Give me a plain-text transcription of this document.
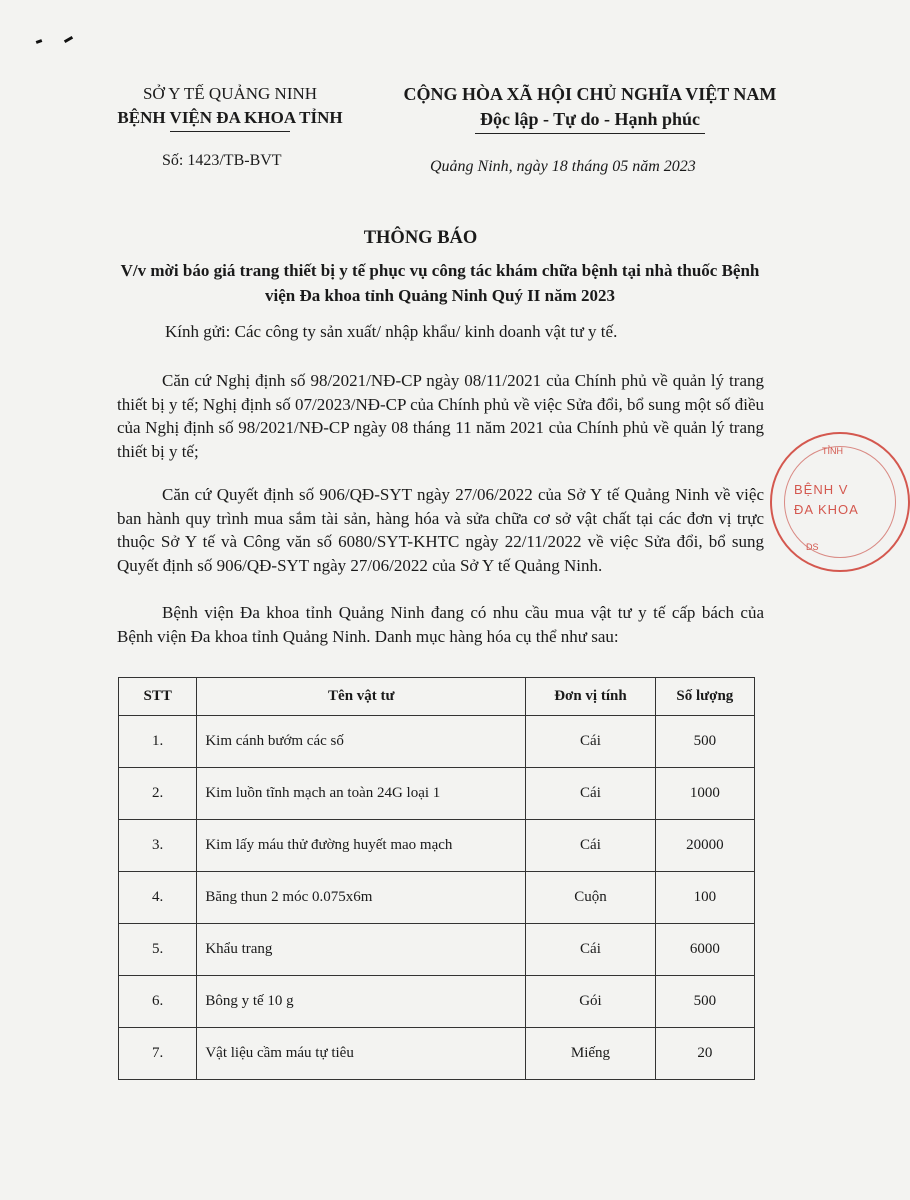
SỞ Y TẾ QUẢNG NINH
BỆNH VIỆN ĐA KHOA TỈNH
Số: 1423/TB-BVT
CỘNG HÒA XÃ HỘI CHỦ NGHĨA VIỆT NAM
Độc lập - Tự do - Hạnh phúc
Quảng Ninh, ngày 18 tháng 05 năm 2023
THÔNG BÁO
V/v mời báo giá trang thiết bị y tế phục vụ công tác khám chữa bệnh tại nhà thuốc Bệnh viện Đa khoa tỉnh Quảng Ninh Quý II năm 2023
Kính gửi: Các công ty sản xuất/ nhập khẩu/ kinh doanh vật tư y tế.
Căn cứ Nghị định số 98/2021/NĐ-CP ngày 08/11/2021 của Chính phủ về quản lý trang thiết bị y tế; Nghị định số 07/2023/NĐ-CP của Chính phủ về việc Sửa đổi, bổ sung một số điều của Nghị định số 98/2021/NĐ-CP ngày 08 tháng 11 năm 2021 của Chính phủ về quản lý trang thiết bị y tế;
Căn cứ Quyết định số 906/QĐ-SYT ngày 27/06/2022 của Sở Y tế Quảng Ninh về việc ban hành quy trình mua sắm tài sản, hàng hóa và sửa chữa cơ sở vật chất tại các đơn vị trực thuộc Sở Y tế và Công văn số 6080/SYT-KHTC ngày 22/11/2022 về việc Sửa đổi, bổ sung Quyết định số 906/QĐ-SYT ngày 27/06/2022 của Sở Y tế Quảng Ninh.
Bệnh viện Đa khoa tỉnh Quảng Ninh đang có nhu cầu mua vật tư y tế cấp bách của Bệnh viện Đa khoa tỉnh Quảng Ninh. Danh mục hàng hóa cụ thể như sau:
STT	Tên vật tư	Đơn vị tính	Số lượng
1.	Kim cánh bướm các số	Cái	500
2.	Kim luồn tĩnh mạch an toàn 24G loại 1	Cái	1000
3.	Kim lấy máu thử đường huyết mao mạch	Cái	20000
4.	Băng thun 2 móc 0.075x6m	Cuộn	100
5.	Khẩu trang	Cái	6000
6.	Bông y tế 10 g	Gói	500
7.	Vật liệu cầm máu tự tiêu	Miếng	20
TỈNH
BỆNH V
ĐA KHOA
DS
